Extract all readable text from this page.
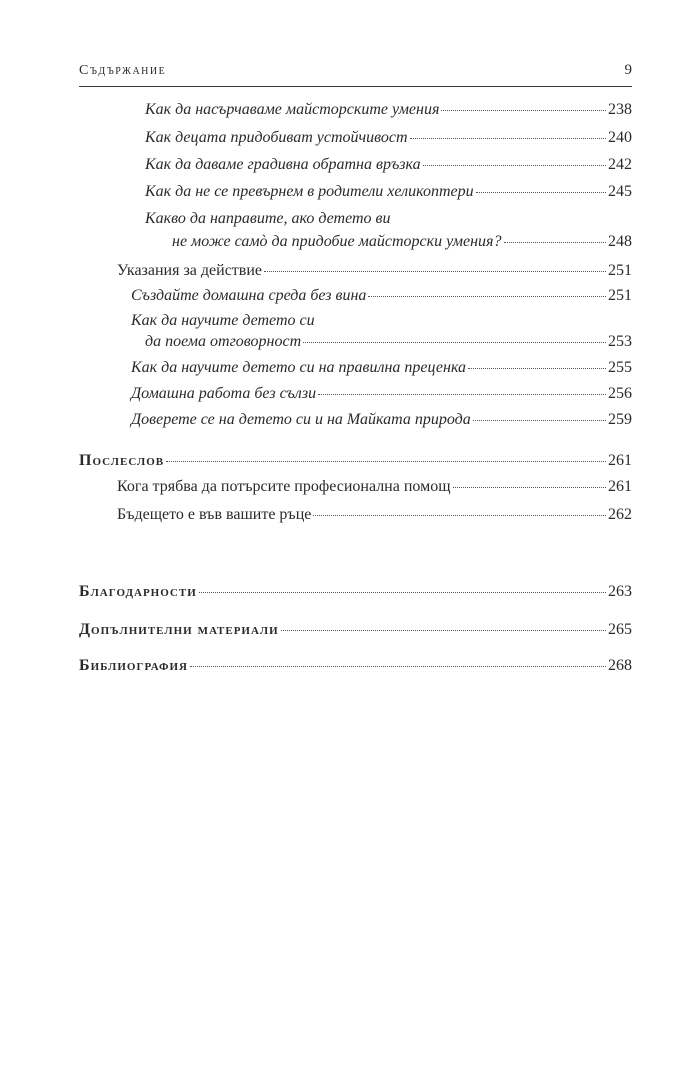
Съдържание	9
Как да насърчаваме майсторските умения	238
Как децата придобиват устойчивост	240
Как да даваме градивна обратна връзка	242
Как да не се превърнем в родители хеликоптери	245
Какво да направите, ако детето ви
не може самò да придобие майсторски умения?	248
Указания за действие	251
Създайте домашна среда без вина	251
Как да научите детето си
да поема отговорност	253
Как да научите детето си на правилна преценка	255
Домашна работа без сълзи	256
Доверете се на детето си и на Майката природа	259
Послеслов	261
Кога трябва да потърсите професионална помощ	261
Бъдещето е във вашите ръце	262
Благодарности	263
Допълнителни материали	265
Библиография	268
